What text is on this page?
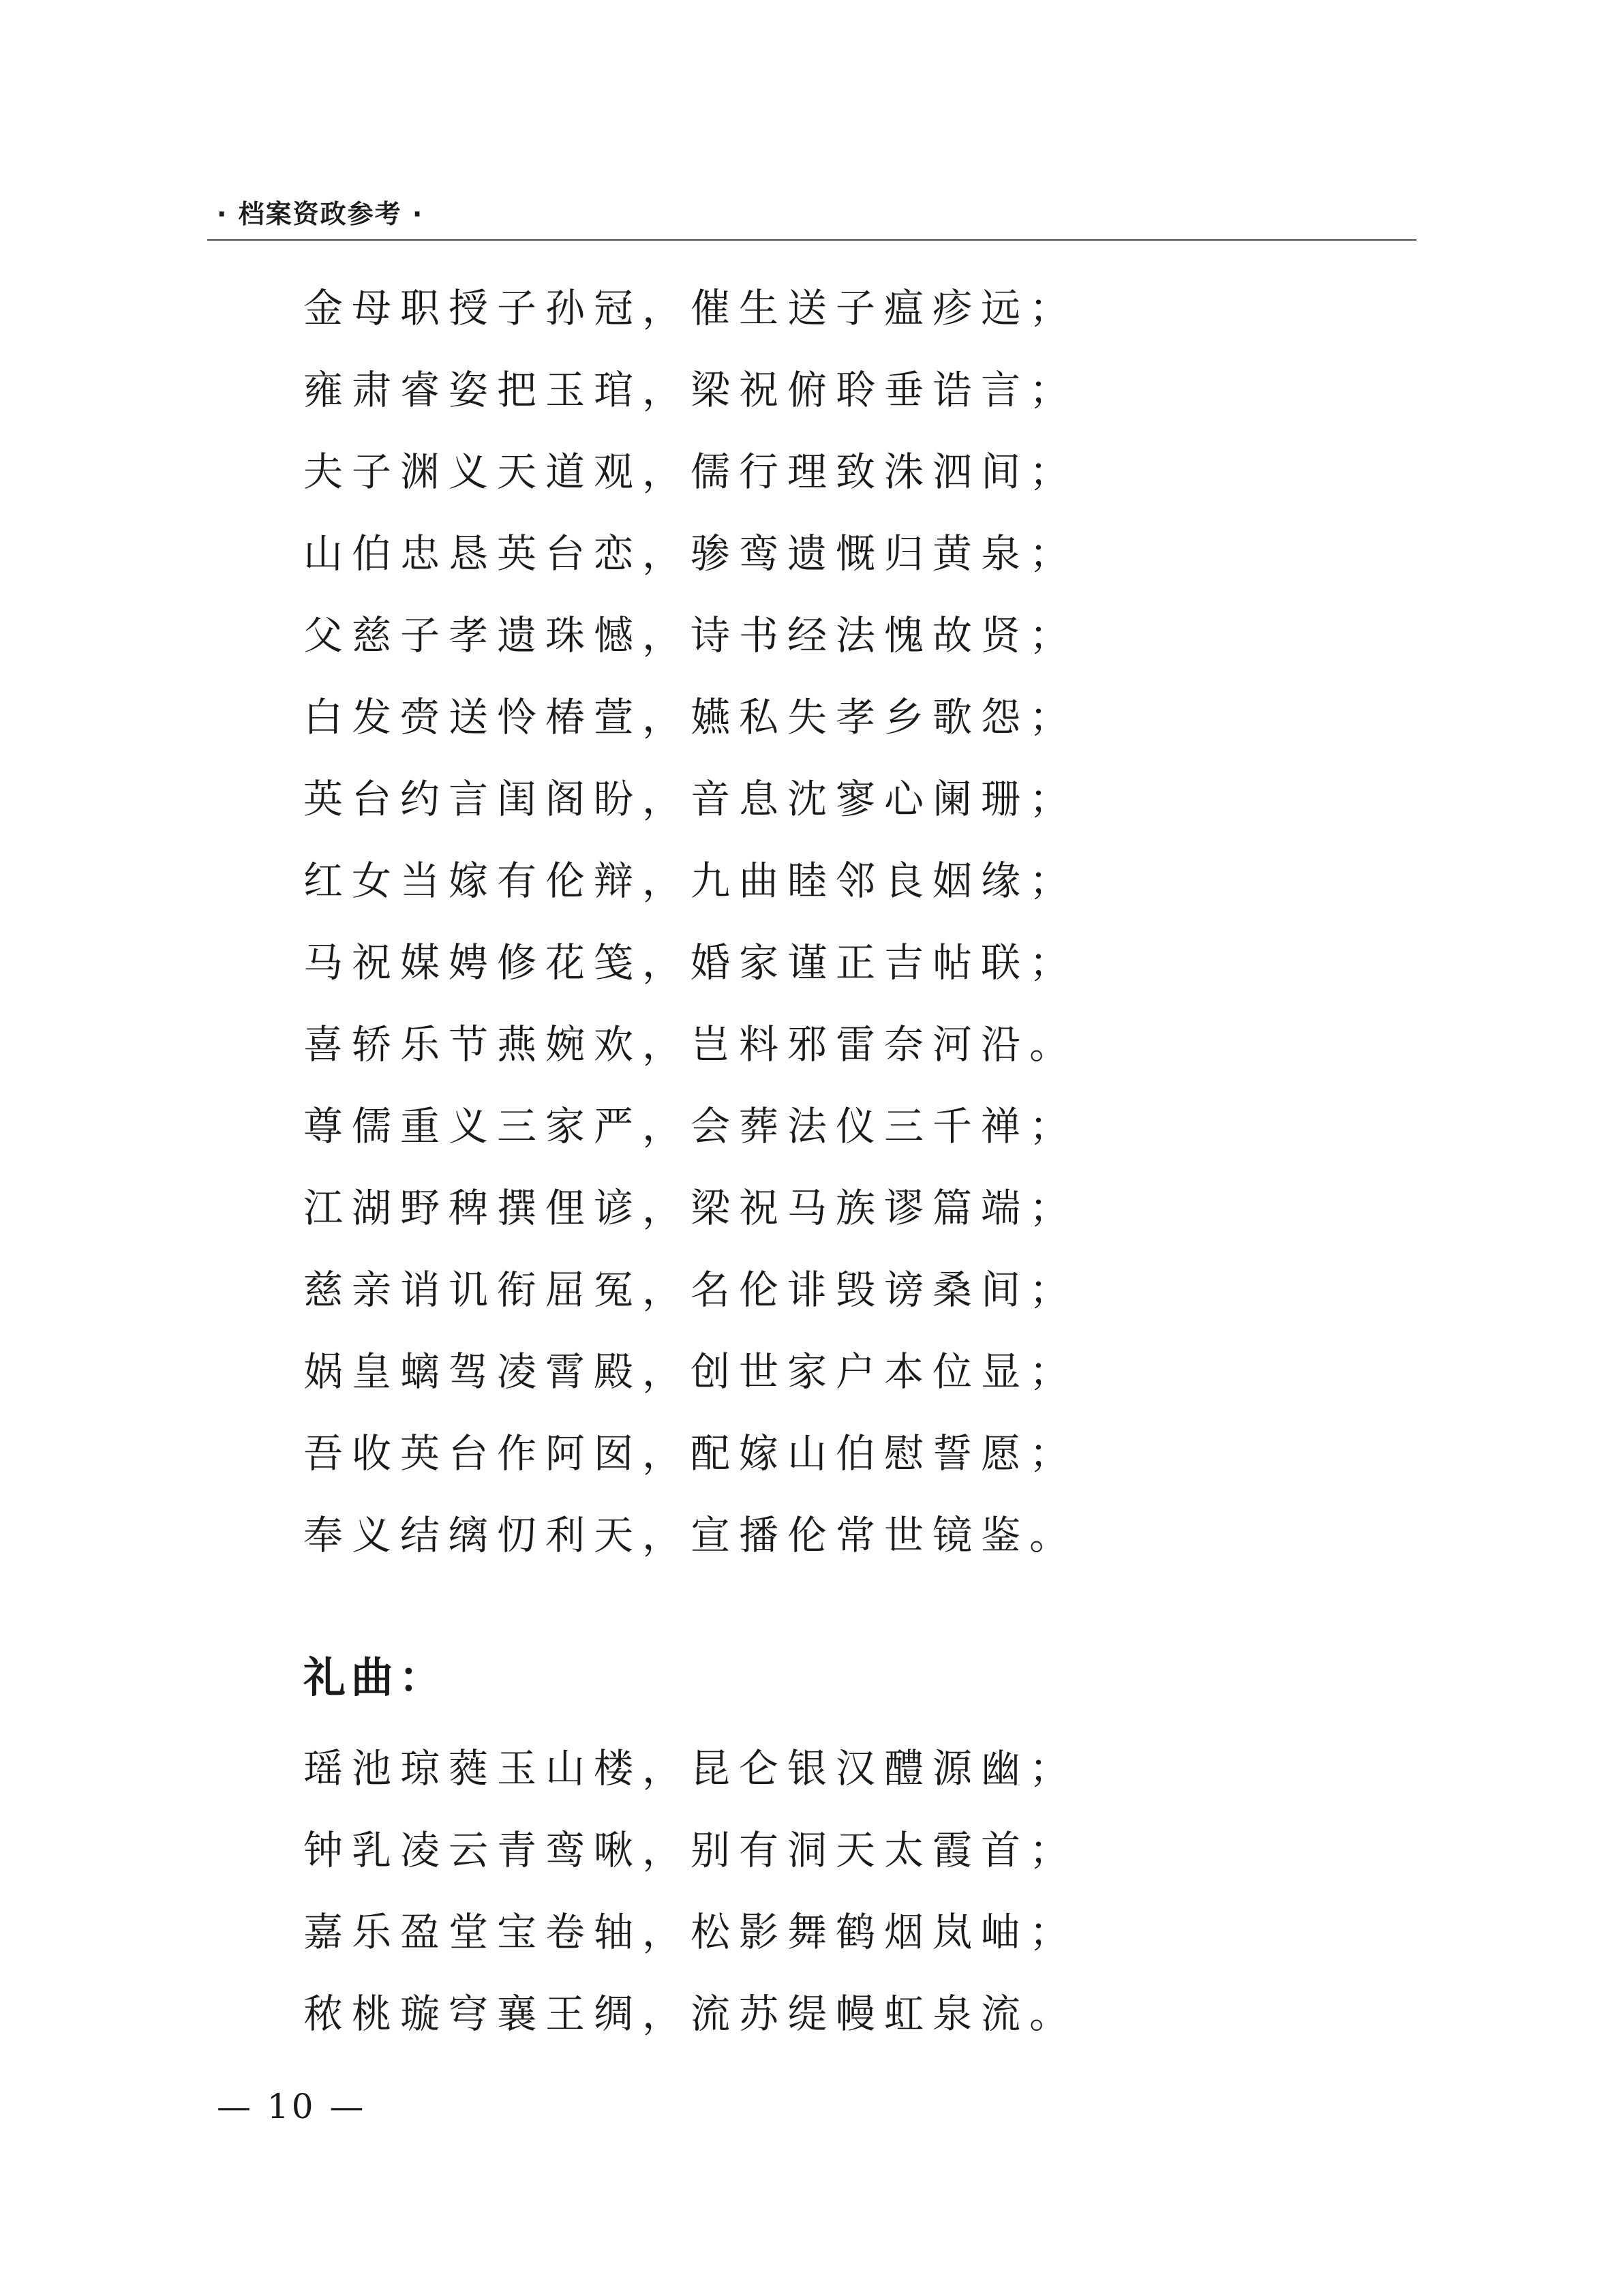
· 档案资政参考 ·
金母职授子孙冠，催生送子瘟疹远；
雍肃睿姿把玉琯，梁祝俯聆垂诰言；
夫子渊义天道观，儒行理致洙泗间；
山伯忠恳英台恋，骖鸾遗慨归黄泉；
父慈子孝遗珠憾，诗书经法愧故贤；
白发赍送怜椿萱，嬿私失孝乡歌怨；
英台约言闺阁盼，音息沈寥心阑珊；
红女当嫁有伦辩，九曲睦邻良姻缘；
马祝媒娉修花笺，婚家谨正吉帖联；
喜轿乐节燕婉欢，岂料邪雷奈河沿。
尊儒重义三家严，会葬法仪三千禅；
江湖野稗撰俚谚，梁祝马族谬篇端；
慈亲诮讥衔屈冤，名伦诽毁谤桑间；
娲皇螭驾凌霄殿，创世家户本位显；
吾收英台作阿囡，配嫁山伯慰誓愿；
奉义结缡忉利天，宣播伦常世镜鉴。
礼曲：
瑶池琼蕤玉山楼，昆仑银汉醴源幽；
钟乳凌云青鸾啾，别有洞天太霞首；
嘉乐盈堂宝卷轴，松影舞鹤烟岚岫；
秾桃璇穹襄王绸，流苏缇幔虹泉流。
— 10 —
